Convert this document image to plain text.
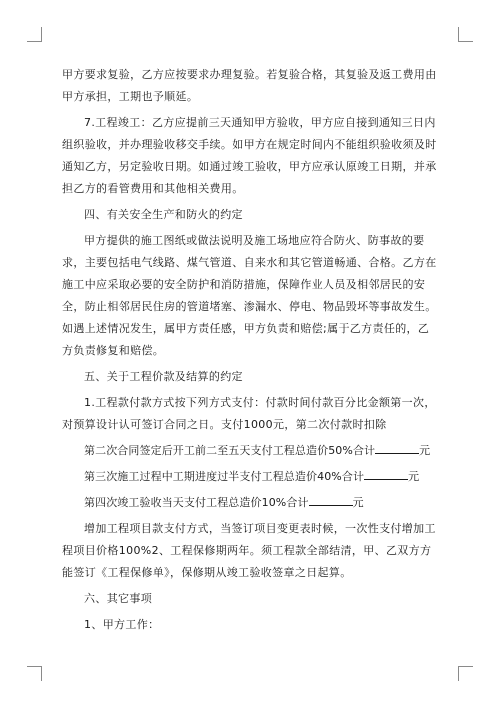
甲方要求复验，乙方应按要求办理复验。若复验合格，其复验及返工费用由甲方承担，工期也予顺延。

7.工程竣工：乙方应提前三天通知甲方验收，甲方应自接到通知三日内组织验收，并办理验收移交手续。如甲方在规定时间内不能组织验收须及时通知乙方，另定验收日期。如通过竣工验收，甲方应承认原竣工日期，并承担乙方的看管费用和其他相关费用。

四、有关安全生产和防火的约定

甲方提供的施工图纸或做法说明及施工场地应符合防火、防事故的要求，主要包括电气线路、煤气管道、自来水和其它管道畅通、合格。乙方在施工中应采取必要的安全防护和消防措施，保障作业人员及相邻居民的安全，防止相邻居民住房的管道堵塞、渗漏水、停电、物品毁坏等事故发生。如遇上述情况发生，属甲方责任感，甲方负责和赔偿;属于乙方责任的，乙方负责修复和赔偿。

五、关于工程价款及结算的约定

1.工程款付款方式按下列方式支付：付款时间付款百分比金额第一次，对预算设计认可签订合同之日。支付1000元，第二次付款时扣除

第二次合同签定后开工前二至五天支付工程总造价50%合计	元

第三次施工过程中工期进度过半支付工程总造价40%合计	元

第四次竣工验收当天支付工程总造价10%合计	元

增加工程项目款支付方式，当签订项目变更表时候，一次性支付增加工程项目价格100%2、工程保修期两年。须工程款全部结清，甲、乙双方方能签订《工程保修单》，保修期从竣工验收签章之日起算。

六、其它事项

1、甲方工作：
